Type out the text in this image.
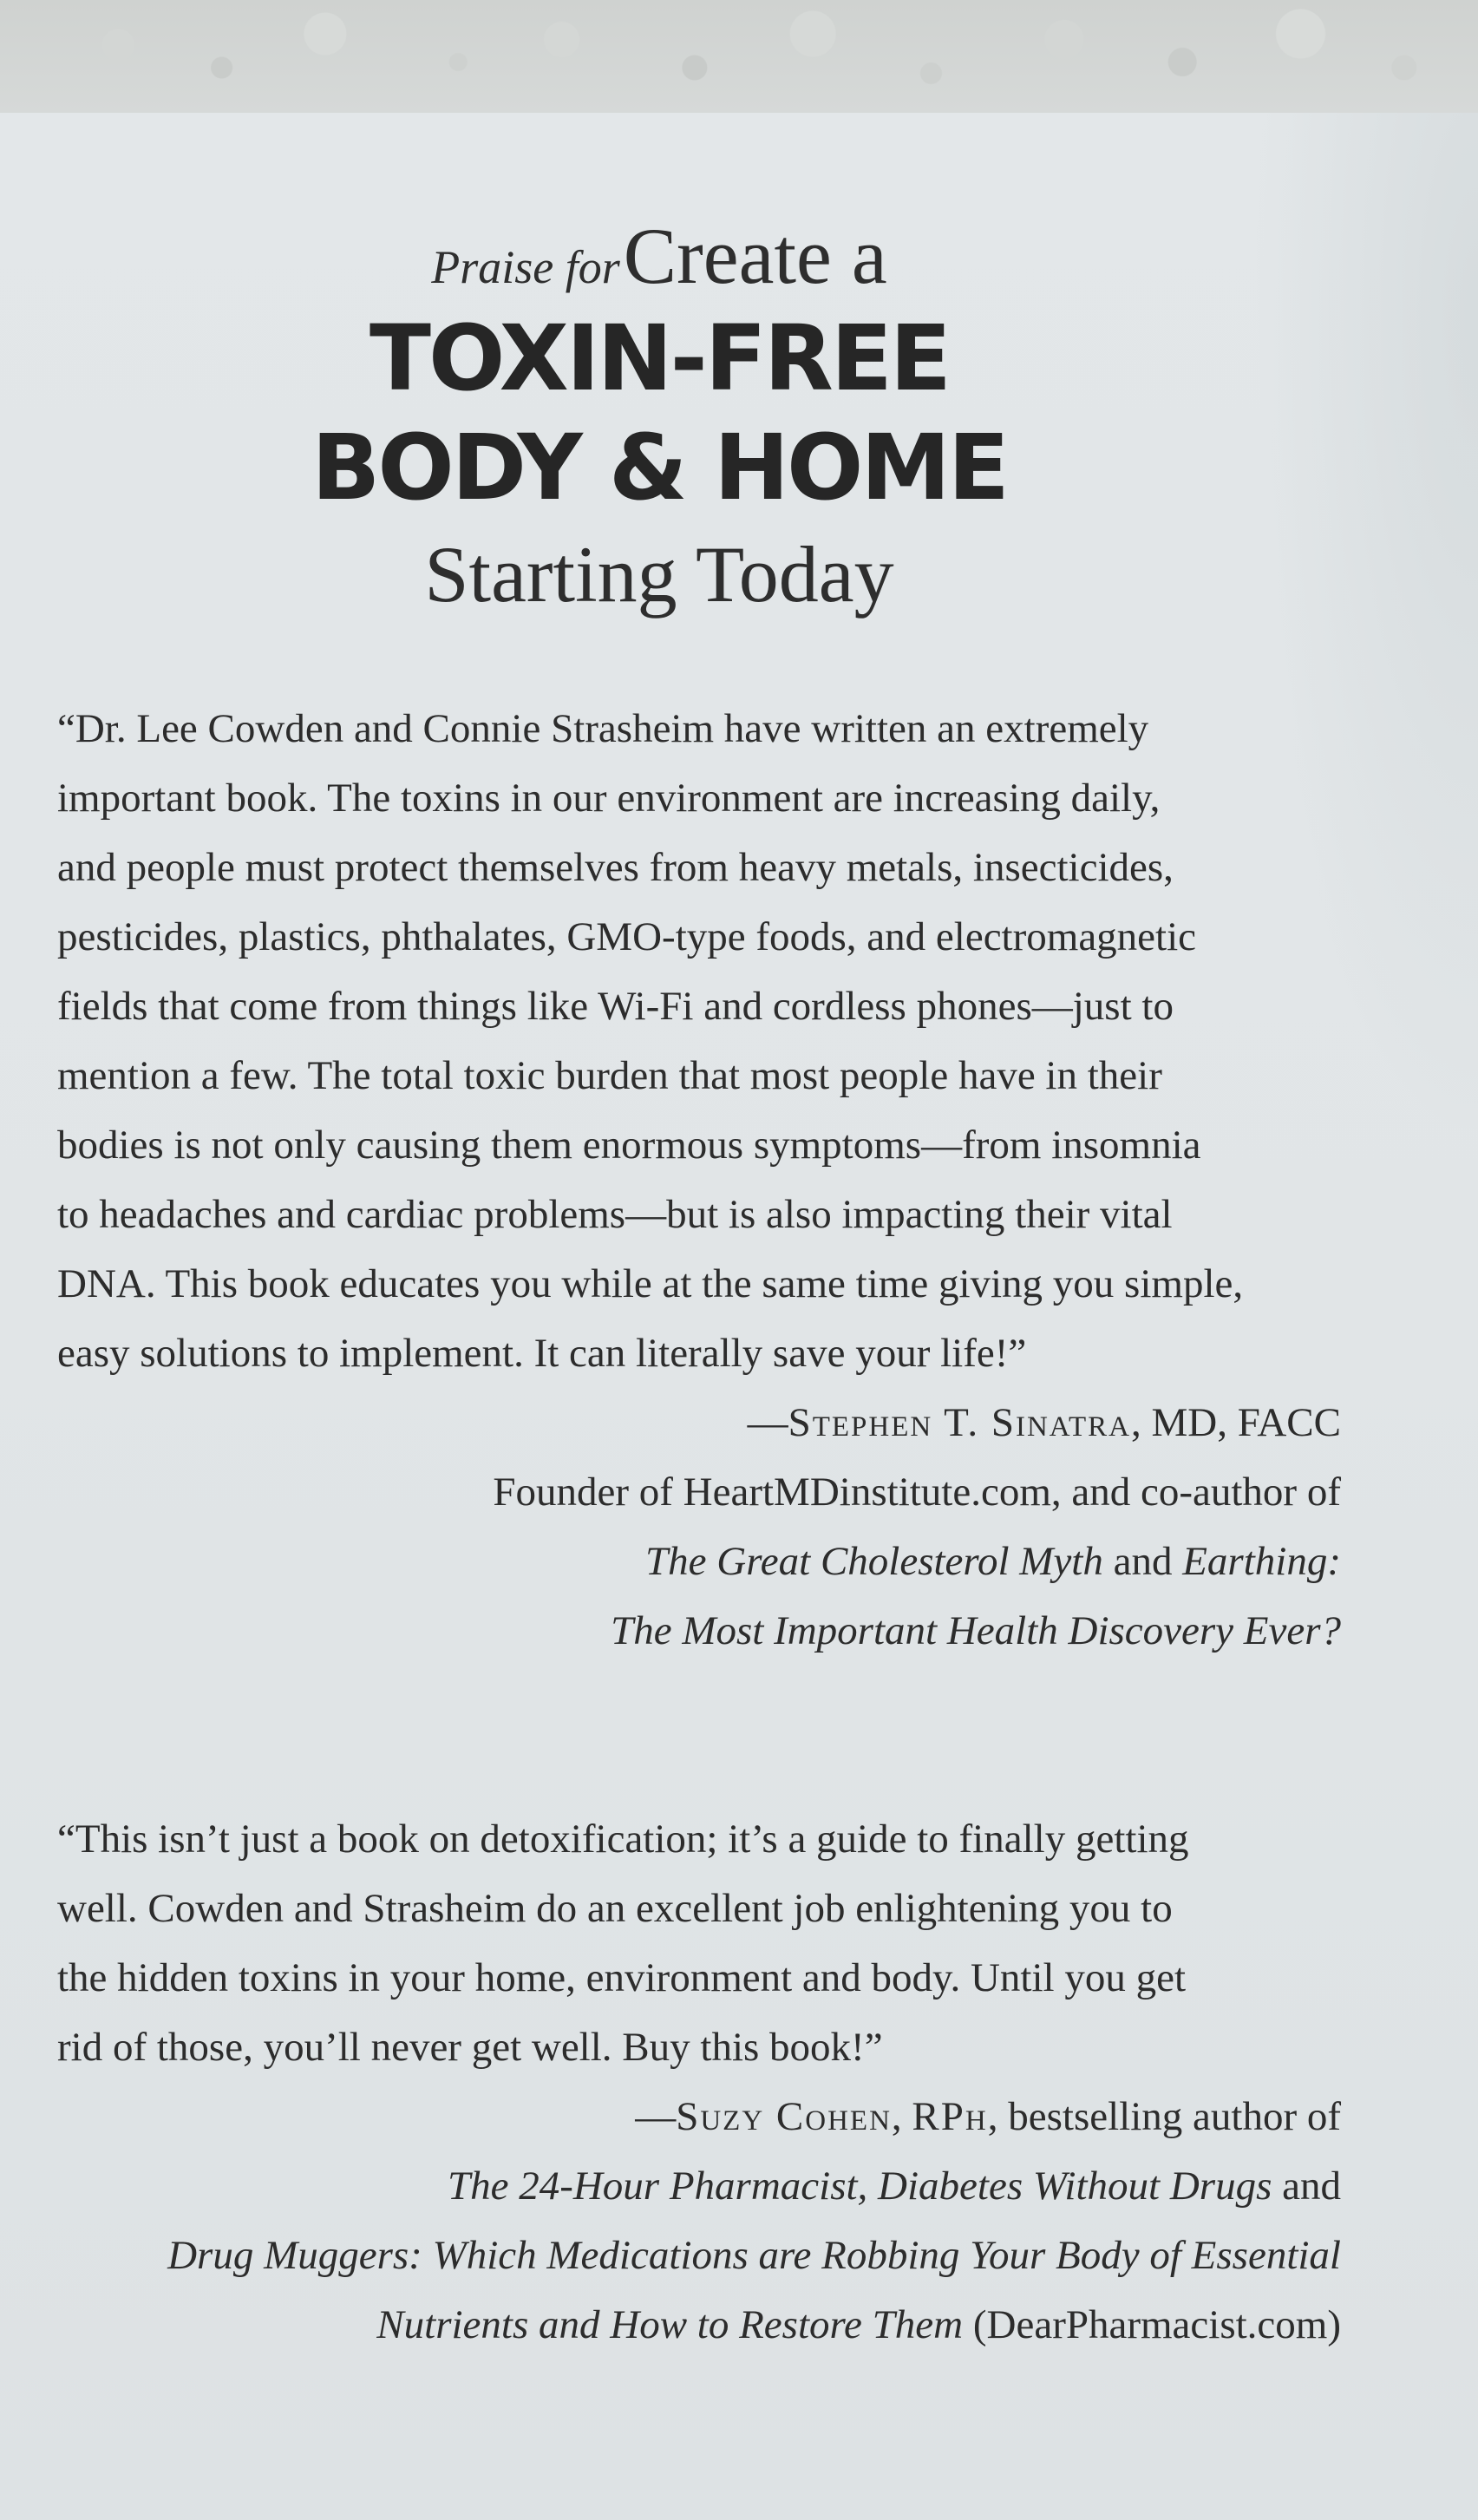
Praise for Create a
TOXIN-FREE
BODY & HOME
Starting Today

“Dr. Lee Cowden and Connie Strasheim have written an extremely

important book. The toxins in our environment are increasing daily,

and people must protect themselves from heavy metals, insecticides,

pesticides, plastics, phthalates, GMO-type foods, and electromagnetic

fields that come from things like Wi-Fi and cordless phones—just to

mention a few. The total toxic burden that most people have in their

bodies is not only causing them enormous symptoms—from insomnia

to headaches and cardiac problems—but is also impacting their vital

DNA. This book educates you while at the same time giving you simple,

easy solutions to implement. It can literally save your life!”

—Stephen T. Sinatra, MD, FACC
Founder of HeartMDinstitute.com, and co-author of
The Great Cholesterol Myth and Earthing:
The Most Important Health Discovery Ever?

“This isn’t just a book on detoxification; it’s a guide to finally getting

well. Cowden and Strasheim do an excellent job enlightening you to

the hidden toxins in your home, environment and body. Until you get

rid of those, you’ll never get well. Buy this book!”

—Suzy Cohen, RPh, bestselling author of
The 24-Hour Pharmacist, Diabetes Without Drugs and
Drug Muggers: Which Medications are Robbing Your Body of Essential
Nutrients and How to Restore Them (DearPharmacist.com)
